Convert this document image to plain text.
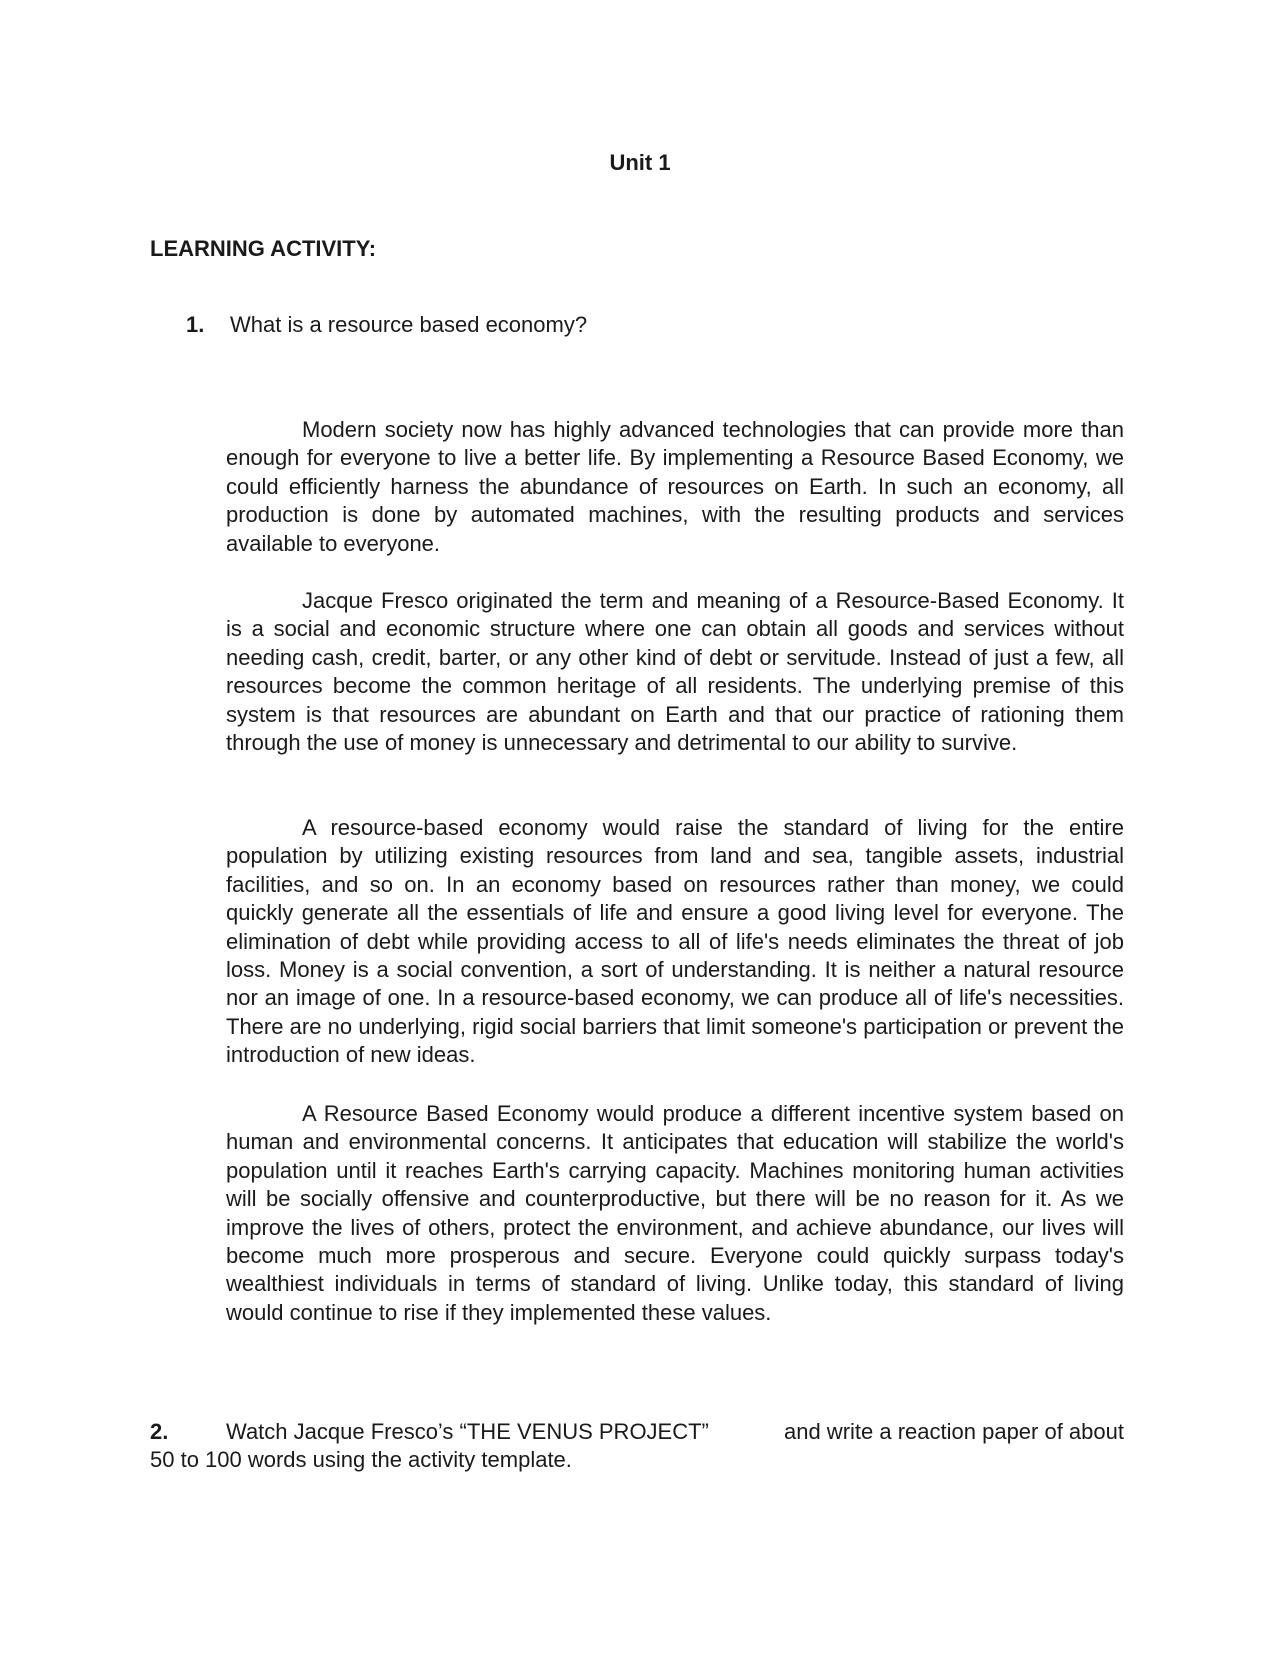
Unit 1
LEARNING ACTIVITY:
1. What is a resource based economy?

Modern society now has highly advanced technologies that can provide more than enough for everyone to live a better life. By implementing a Resource Based Economy, we could efficiently harness the abundance of resources on Earth. In such an economy, all production is done by automated machines, with the resulting products and services available to everyone.

Jacque Fresco originated the term and meaning of a Resource-Based Economy. It is a social and economic structure where one can obtain all goods and services without needing cash, credit, barter, or any other kind of debt or servitude. Instead of just a few, all resources become the common heritage of all residents. The underlying premise of this system is that resources are abundant on Earth and that our practice of rationing them through the use of money is unnecessary and detrimental to our ability to survive.

A resource-based economy would raise the standard of living for the entire population by utilizing existing resources from land and sea, tangible assets, industrial facilities, and so on. In an economy based on resources rather than money, we could quickly generate all the essentials of life and ensure a good living level for everyone. The elimination of debt while providing access to all of life's needs eliminates the threat of job loss. Money is a social convention, a sort of understanding. It is neither a natural resource nor an image of one. In a resource-based economy, we can produce all of life's necessities. There are no underlying, rigid social barriers that limit someone's participation or prevent the introduction of new ideas.

A Resource Based Economy would produce a different incentive system based on human and environmental concerns. It anticipates that education will stabilize the world's population until it reaches Earth's carrying capacity. Machines monitoring human activities will be socially offensive and counterproductive, but there will be no reason for it. As we improve the lives of others, protect the environment, and achieve abundance, our lives will become much more prosperous and secure. Everyone could quickly surpass today's wealthiest individuals in terms of standard of living. Unlike today, this standard of living would continue to rise if they implemented these values.

2.	Watch Jacque Fresco’s “THE VENUS PROJECT”	and write a reaction paper of about
50 to 100 words using the activity template.
